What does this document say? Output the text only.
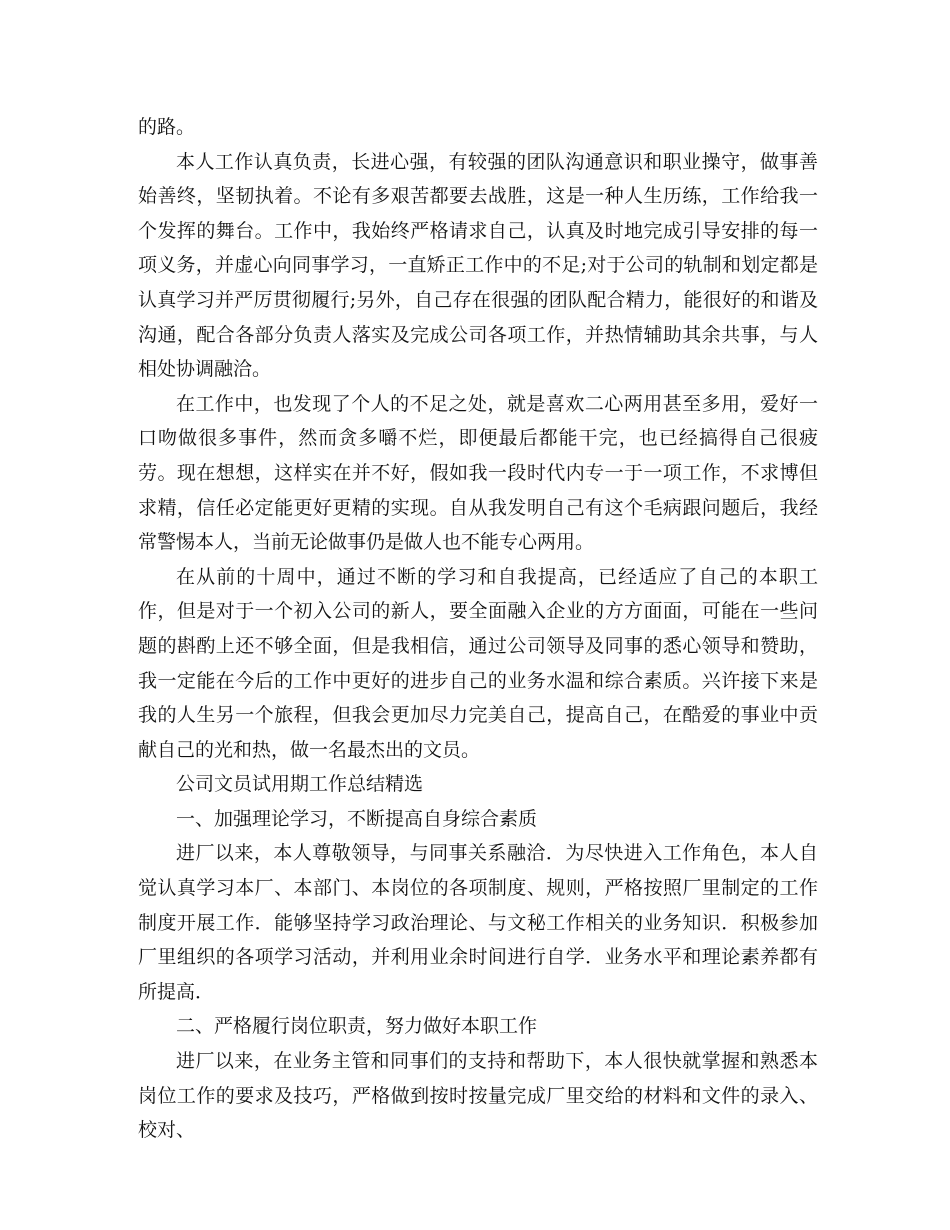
的路。

本人工作认真负责，长进心强，有较强的团队沟通意识和职业操守，做事善始善终，坚韧执着。不论有多艰苦都要去战胜，这是一种人生历练，工作给我一个发挥的舞台。工作中，我始终严格请求自己，认真及时地完成引导安排的每一项义务，并虚心向同事学习，一直矫正工作中的不足;对于公司的轨制和划定都是认真学习并严厉贯彻履行;另外，自己存在很强的团队配合精力，能很好的和谐及沟通，配合各部分负责人落实及完成公司各项工作，并热情辅助其余共事，与人相处协调融洽。

在工作中，也发现了个人的不足之处，就是喜欢二心两用甚至多用，爱好一口吻做很多事件，然而贪多嚼不烂，即便最后都能干完，也已经搞得自己很疲劳。现在想想，这样实在并不好，假如我一段时代内专一于一项工作，不求博但求精，信任必定能更好更精的实现。自从我发明自己有这个毛病跟问题后，我经常警惕本人，当前无论做事仍是做人也不能专心两用。

在从前的十周中，通过不断的学习和自我提高，已经适应了自己的本职工作，但是对于一个初入公司的新人，要全面融入企业的方方面面，可能在一些问题的斟酌上还不够全面，但是我相信，通过公司领导及同事的悉心领导和赞助，我一定能在今后的工作中更好的进步自己的业务水温和综合素质。兴许接下来是我的人生另一个旅程，但我会更加尽力完美自己，提高自己，在酷爱的事业中贡献自己的光和热，做一名最杰出的文员。

公司文员试用期工作总结精选

一、加强理论学习，不断提高自身综合素质

进厂以来，本人尊敬领导，与同事关系融洽．为尽快进入工作角色，本人自觉认真学习本厂、本部门、本岗位的各项制度、规则，严格按照厂里制定的工作制度开展工作．能够坚持学习政治理论、与文秘工作相关的业务知识．积极参加厂里组织的各项学习活动，并利用业余时间进行自学．业务水平和理论素养都有所提高．

二、严格履行岗位职责，努力做好本职工作

进厂以来，在业务主管和同事们的支持和帮助下，本人很快就掌握和熟悉本岗位工作的要求及技巧，严格做到按时按量完成厂里交给的材料和文件的录入、校对、
